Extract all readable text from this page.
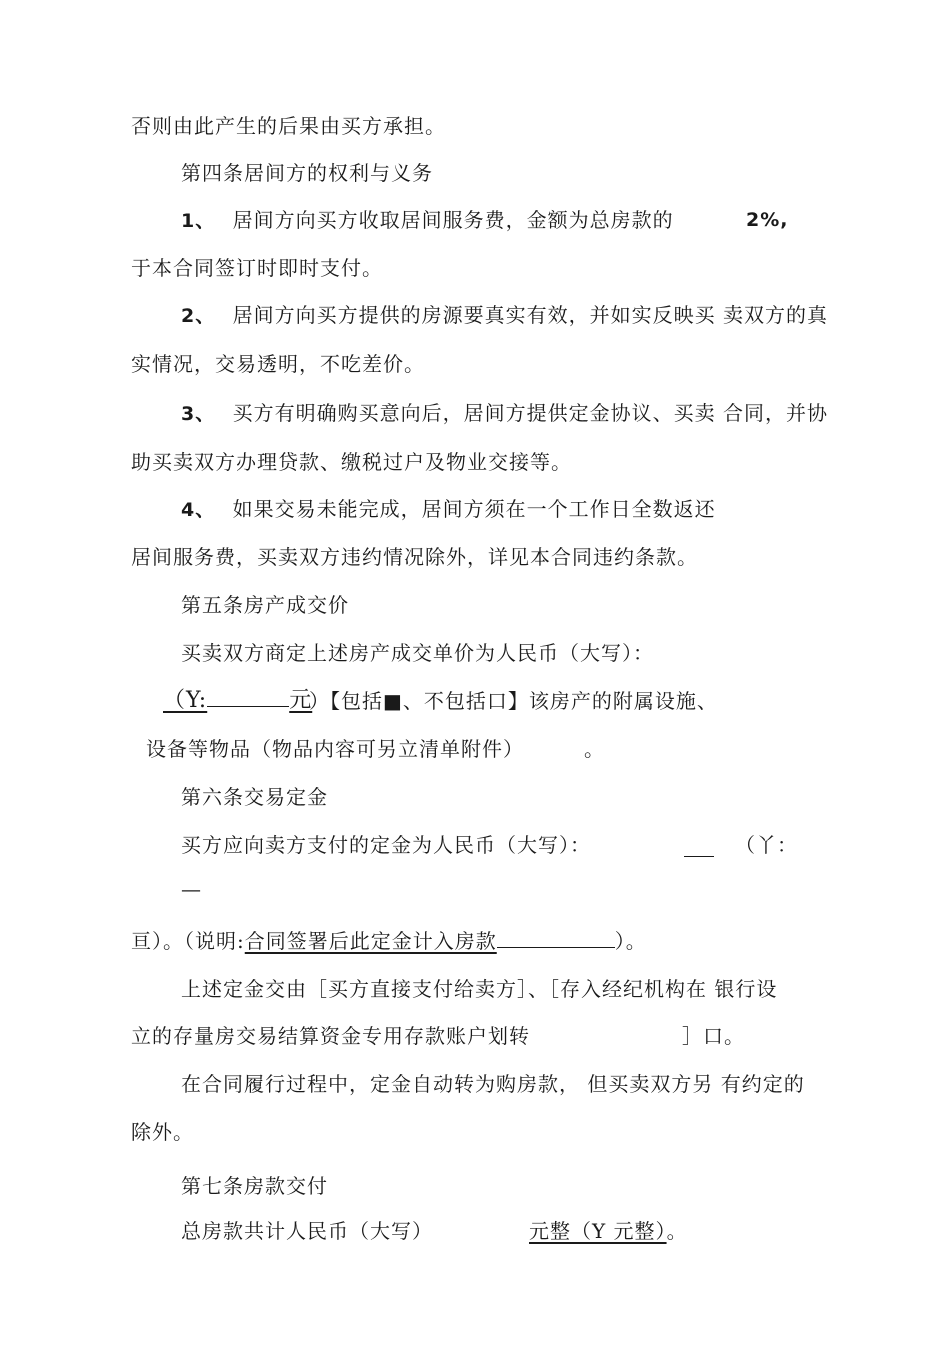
否则由此产生的后果由买方承担。
第四条居间方的权利与义务
1、 居间方向买方收取居间服务费，金额为总房款的	2%,
于本合同签订时即时支付。
2、 居间方向买方提供的房源要真实有效，并如实反映买 卖双方的真
实情况，交易透明，不吃差价。
3、 买方有明确购买意向后，居间方提供定金协议、买卖 合同，并协
助买卖双方办理贷款、缴税过户及物业交接等。
4、 如果交易未能完成，居间方须在一个工作日全数返还
居间服务费，买卖双方违约情况除外，详见本合同违约条款。
第五条房产成交价
买卖双方商定上述房产成交单价为人民币（大写）：
（Y:	元
）【包括■、不包括口】该房产的附属设施、
设备等物品（物品内容可另立清单附件）	。
第六条交易定金
买方应向卖方支付的定金为人民币（大写）：	（丫：
—
亘）。（说明:合同签署后此定金计入房款	）。
上述定金交由［买方直接支付给卖方］、［存入经纪机构在 银行设
立的存量房交易结算资金专用存款账户划转	］口。
在合同履行过程中，定金自动转为购房款， 但买卖双方另 有约定的
除外。
第七条房款交付
总房款共计人民币（大写）	元整（Y 元整）。
